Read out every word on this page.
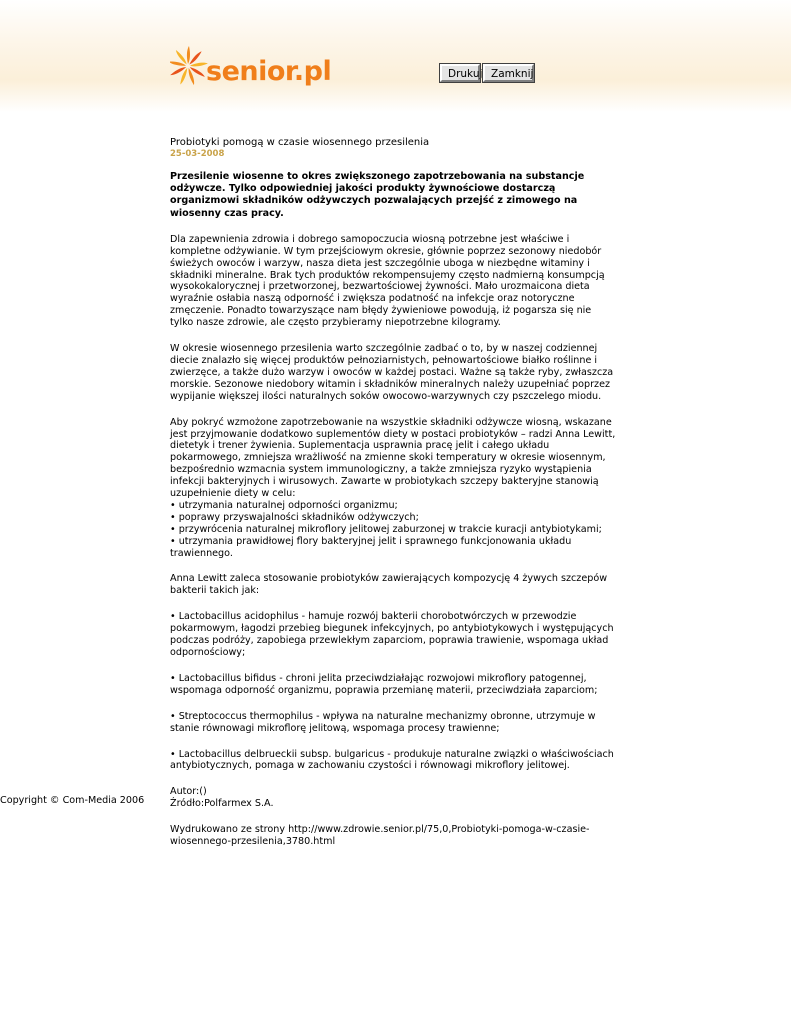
senior.pl	Drukuj Zamknij

Probiotyki pomogą w czasie wiosennego przesilenia

25-03-2008

Przesilenie wiosenne to okres zwiększonego zapotrzebowania na substancje odżywcze. Tylko odpowiedniej jakości produkty żywnościowe dostarczą organizmowi składników odżywczych pozwalających przejść z zimowego na wiosenny czas pracy.

Dla zapewnienia zdrowia i dobrego samopoczucia wiosną potrzebne jest właściwe i kompletne odżywianie. W tym przejściowym okresie, głównie poprzez sezonowy niedobór świeżych owoców i warzyw, nasza dieta jest szczególnie uboga w niezbędne witaminy i składniki mineralne. Brak tych produktów rekompensujemy często nadmierną konsumpcją wysokokalorycznej i przetworzonej, bezwartościowej żywności. Mało urozmaicona dieta wyraźnie osłabia naszą odporność i zwiększa podatność na infekcje oraz notoryczne zmęczenie. Ponadto towarzyszące nam błędy żywieniowe powodują, iż pogarsza się nie tylko nasze zdrowie, ale często przybieramy niepotrzebne kilogramy.

W okresie wiosennego przesilenia warto szczególnie zadbać o to, by w naszej codziennej diecie znalazło się więcej produktów pełnoziarnistych, pełnowartościowe białko roślinne i zwierzęce, a także dużo warzyw i owoców w każdej postaci. Ważne są także ryby, zwłaszcza morskie. Sezonowe niedobory witamin i składników mineralnych należy uzupełniać poprzez wypijanie większej ilości naturalnych soków owocowo-warzywnych czy pszczelego miodu.

Aby pokryć wzmożone zapotrzebowanie na wszystkie składniki odżywcze wiosną, wskazane jest przyjmowanie dodatkowo suplementów diety w postaci probiotyków – radzi Anna Lewitt, dietetyk i trener żywienia. Suplementacja usprawnia pracę jelit i całego układu pokarmowego, zmniejsza wrażliwość na zmienne skoki temperatury w okresie wiosennym, bezpośrednio wzmacnia system immunologiczny, a także zmniejsza ryzyko wystąpienia infekcji bakteryjnych i wirusowych. Zawarte w probiotykach szczepy bakteryjne stanowią uzupełnienie diety w celu:

• utrzymania naturalnej odporności organizmu;
• poprawy przyswajalności składników odżywczych;
• przywrócenia naturalnej mikroflory jelitowej zaburzonej w trakcie kuracji antybiotykami;
• utrzymania prawidłowej flory bakteryjnej jelit i sprawnego funkcjonowania układu trawiennego.

Anna Lewitt zaleca stosowanie probiotyków zawierających kompozycję 4 żywych szczepów bakterii takich jak:

• Lactobacillus acidophilus - hamuje rozwój bakterii chorobotwórczych w przewodzie pokarmowym, łagodzi przebieg biegunek infekcyjnych, po antybiotykowych i występujących podczas podróży, zapobiega przewlekłym zaparciom, poprawia trawienie, wspomaga układ odpornościowy;

• Lactobacillus bifidus - chroni jelita przeciwdziałając rozwojowi mikroflory patogennej, wspomaga odporność organizmu, poprawia przemianę materii, przeciwdziała zaparciom;

• Streptococcus thermophilus - wpływa na naturalne mechanizmy obronne, utrzymuje w stanie równowagi mikroflorę jelitową, wspomaga procesy trawienne;

• Lactobacillus delbrueckii subsp. bulgaricus - produkuje naturalne związki o właściwościach antybiotycznych, pomaga w zachowaniu czystości i równowagi mikroflory jelitowej.

Autor:()

Źródło:Polfarmex S.A.

Wydrukowano ze strony http://www.zdrowie.senior.pl/75,0,Probiotyki-pomoga-w-czasie-wiosennego-przesilenia,3780.html

Copyright © Com-Media 2006
